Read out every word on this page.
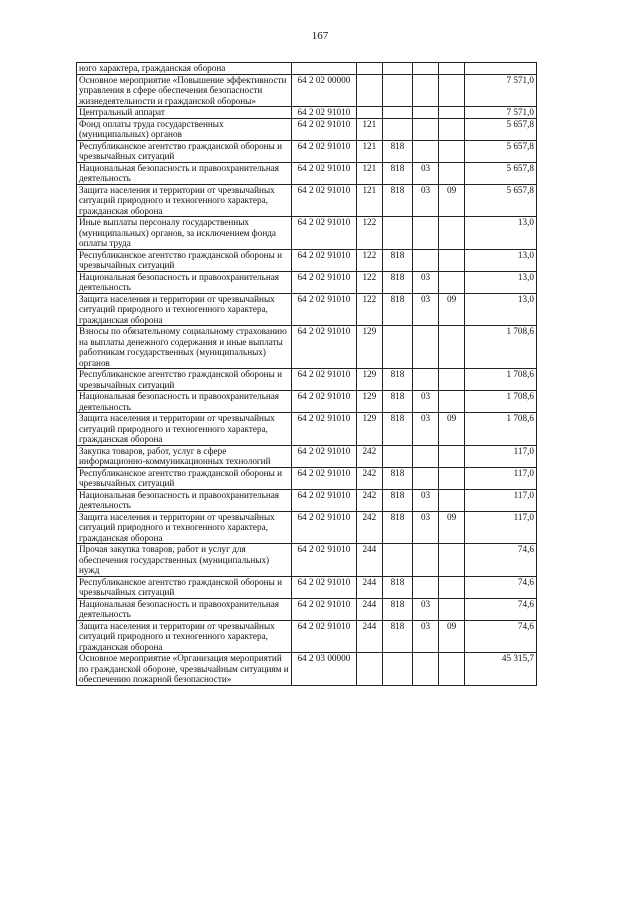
167
ного характера, гражданская оборона						
Основное мероприятие «Повышение эффективности управления в сфере обеспечения безопасности жизнедеятельности и гражданской обороны»	64 2 02 00000					7 571,0
Центральный аппарат	64 2 02 91010					7 571,0
Фонд оплаты труда государственных (муниципальных) органов	64 2 02 91010	121				5 657,8
Республиканское агентство гражданской обороны и чрезвычайных ситуаций	64 2 02 91010	121	818			5 657,8
Национальная безопасность и правоохранительная деятельность	64 2 02 91010	121	818	03		5 657,8
Защита населения и территории от чрезвычайных ситуаций природного и техногенного характера, гражданская оборона	64 2 02 91010	121	818	03	09	5 657,8
Иные выплаты персоналу государственных (муниципальных) органов, за исключением фонда оплаты труда	64 2 02 91010	122				13,0
Республиканское агентство гражданской обороны и чрезвычайных ситуаций	64 2 02 91010	122	818			13,0
Национальная безопасность и правоохранительная деятельность	64 2 02 91010	122	818	03		13,0
Защита населения и территории от чрезвычайных ситуаций природного и техногенного характера, гражданская оборона	64 2 02 91010	122	818	03	09	13,0
Взносы по обязательному социальному страхованию на выплаты денежного содержания и иные выплаты работникам государственных (муниципальных) органов	64 2 02 91010	129				1 708,6
Республиканское агентство гражданской обороны и чрезвычайных ситуаций	64 2 02 91010	129	818			1 708,6
Национальная безопасность и правоохранительная деятельность	64 2 02 91010	129	818	03		1 708,6
Защита населения и территории от чрезвычайных ситуаций природного и техногенного характера, гражданская оборона	64 2 02 91010	129	818	03	09	1 708,6
Закупка товаров, работ, услуг в сфере информационно-коммуникационных технологий	64 2 02 91010	242				117,0
Республиканское агентство гражданской обороны и чрезвычайных ситуаций	64 2 02 91010	242	818			117,0
Национальная безопасность и правоохранительная деятельность	64 2 02 91010	242	818	03		117,0
Защита населения и территории от чрезвычайных ситуаций природного и техногенного характера, гражданская оборона	64 2 02 91010	242	818	03	09	117,0
Прочая закупка товаров, работ и услуг для обеспечения государственных (муниципальных) нужд	64 2 02 91010	244				74,6
Республиканское агентство гражданской обороны и чрезвычайных ситуаций	64 2 02 91010	244	818			74,6
Национальная безопасность и правоохранительная деятельность	64 2 02 91010	244	818	03		74,6
Защита населения и территории от чрезвычайных ситуаций природного и техногенного характера, гражданская оборона	64 2 02 91010	244	818	03	09	74,6
Основное мероприятие «Организация мероприятий по гражданской обороне, чрезвычайным ситуациям и обеспечению пожарной безопасности»	64 2 03 00000					45 315,7
